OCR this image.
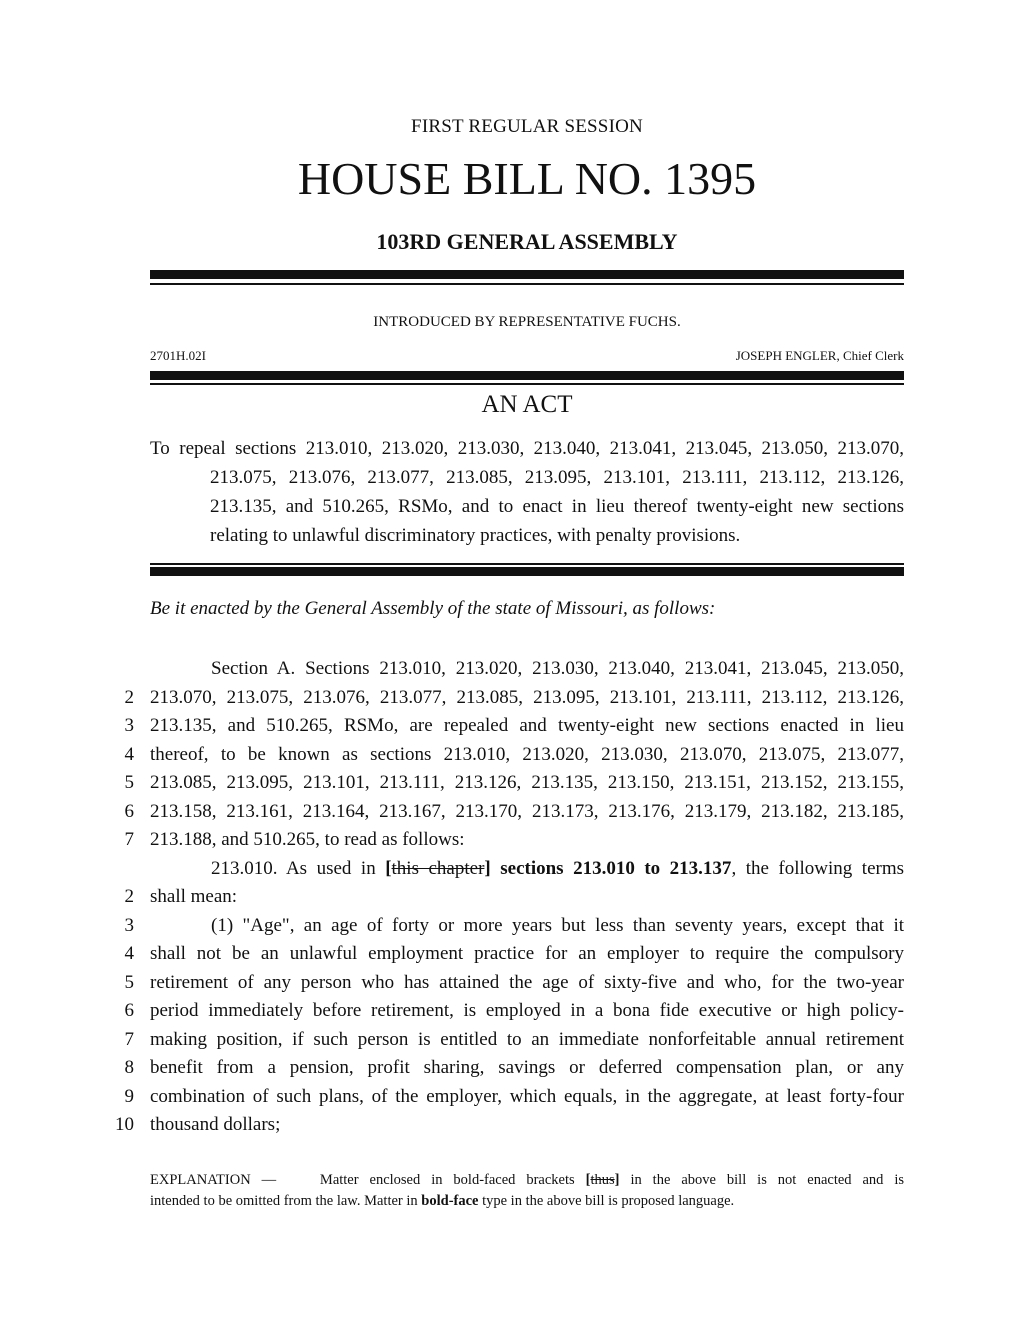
FIRST REGULAR SESSION
HOUSE BILL NO. 1395
103RD GENERAL ASSEMBLY
INTRODUCED BY REPRESENTATIVE FUCHS.
2701H.02I	JOSEPH ENGLER, Chief Clerk
AN ACT
To repeal sections 213.010, 213.020, 213.030, 213.040, 213.041, 213.045, 213.050, 213.070,
213.075, 213.076, 213.077, 213.085, 213.095, 213.101, 213.111, 213.112, 213.126,
213.135, and 510.265, RSMo, and to enact in lieu thereof twenty-eight new sections
relating to unlawful discriminatory practices, with penalty provisions.
Be it enacted by the General Assembly of the state of Missouri, as follows:
Section A. Sections 213.010, 213.020, 213.030, 213.040, 213.041, 213.045, 213.050,
2 213.070, 213.075, 213.076, 213.077, 213.085, 213.095, 213.101, 213.111, 213.112, 213.126,
3 213.135, and 510.265, RSMo, are repealed and twenty-eight new sections enacted in lieu
4 thereof, to be known as sections 213.010, 213.020, 213.030, 213.070, 213.075, 213.077,
5 213.085, 213.095, 213.101, 213.111, 213.126, 213.135, 213.150, 213.151, 213.152, 213.155,
6 213.158, 213.161, 213.164, 213.167, 213.170, 213.173, 213.176, 213.179, 213.182, 213.185,
7 213.188, and 510.265, to read as follows:
213.010. As used in [this chapter] sections 213.010 to 213.137, the following terms
2 shall mean:
3	(1) "Age", an age of forty or more years but less than seventy years, except that it
4 shall not be an unlawful employment practice for an employer to require the compulsory
5 retirement of any person who has attained the age of sixty-five and who, for the two-year
6 period immediately before retirement, is employed in a bona fide executive or high policy-
7 making position, if such person is entitled to an immediate nonforfeitable annual retirement
8 benefit from a pension, profit sharing, savings or deferred compensation plan, or any
9 combination of such plans, of the employer, which equals, in the aggregate, at least forty-four
10 thousand dollars;
EXPLANATION —	Matter enclosed in bold-faced brackets [thus] in the above bill is not enacted and is
intended to be omitted from the law. Matter in bold-face type in the above bill is proposed language.
